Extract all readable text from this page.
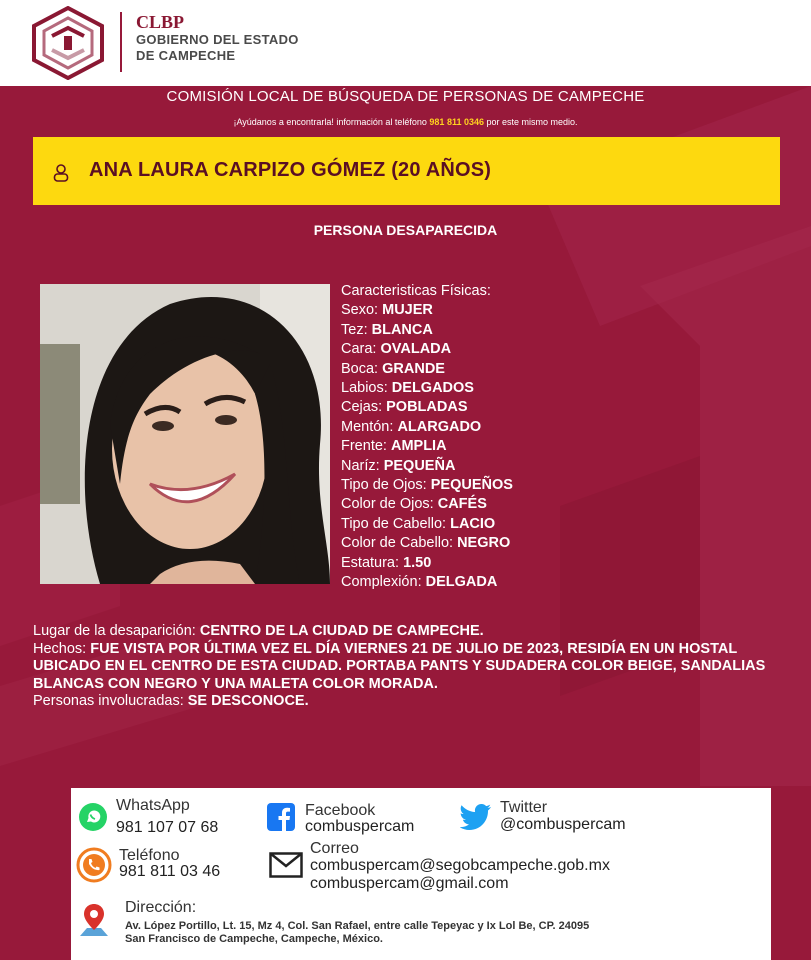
CLBP
GOBIERNO DEL ESTADO
DE CAMPECHE
COMISIÓN LOCAL DE BÚSQUEDA DE PERSONAS DE CAMPECHE
¡Ayúdanos a encontrarla! información al teléfono 981 811 0346 por este mismo medio.
ANA LAURA CARPIZO GÓMEZ (20 AÑOS)
PERSONA DESAPARECIDA
Caracteristicas Físicas:
Sexo: MUJER
Tez: BLANCA
Cara: OVALADA
Boca: GRANDE
Labios: DELGADOS
Cejas: POBLADAS
Mentón: ALARGADO
Frente: AMPLIA
Naríz: PEQUEÑA
Tipo de Ojos: PEQUEÑOS
Color de Ojos: CAFÉS
Tipo de Cabello: LACIO
Color de Cabello: NEGRO
Estatura: 1.50
Complexión: DELGADA
Lugar de la desaparición: CENTRO DE LA CIUDAD DE CAMPECHE.
Hechos: FUE VISTA POR ÚLTIMA VEZ EL DÍA VIERNES 21 DE JULIO DE 2023, RESIDÍA EN UN HOSTAL UBICADO EN EL CENTRO DE ESTA CIUDAD. PORTABA PANTS Y SUDADERA COLOR BEIGE, SANDALIAS BLANCAS CON NEGRO Y UNA MALETA COLOR MORADA.
Personas involucradas: SE DESCONOCE.
WhatsApp
981 107 07 68
Facebook
combuspercam
Twitter
@combuspercam
Teléfono
981 811 03 46
Correo
combuspercam@segobcampeche.gob.mx
combuspercam@gmail.com
Dirección:
Av. López Portillo, Lt. 15, Mz 4, Col. San Rafael, entre calle Tepeyac y Ix Lol Be, CP. 24095
San Francisco de Campeche, Campeche, México.
